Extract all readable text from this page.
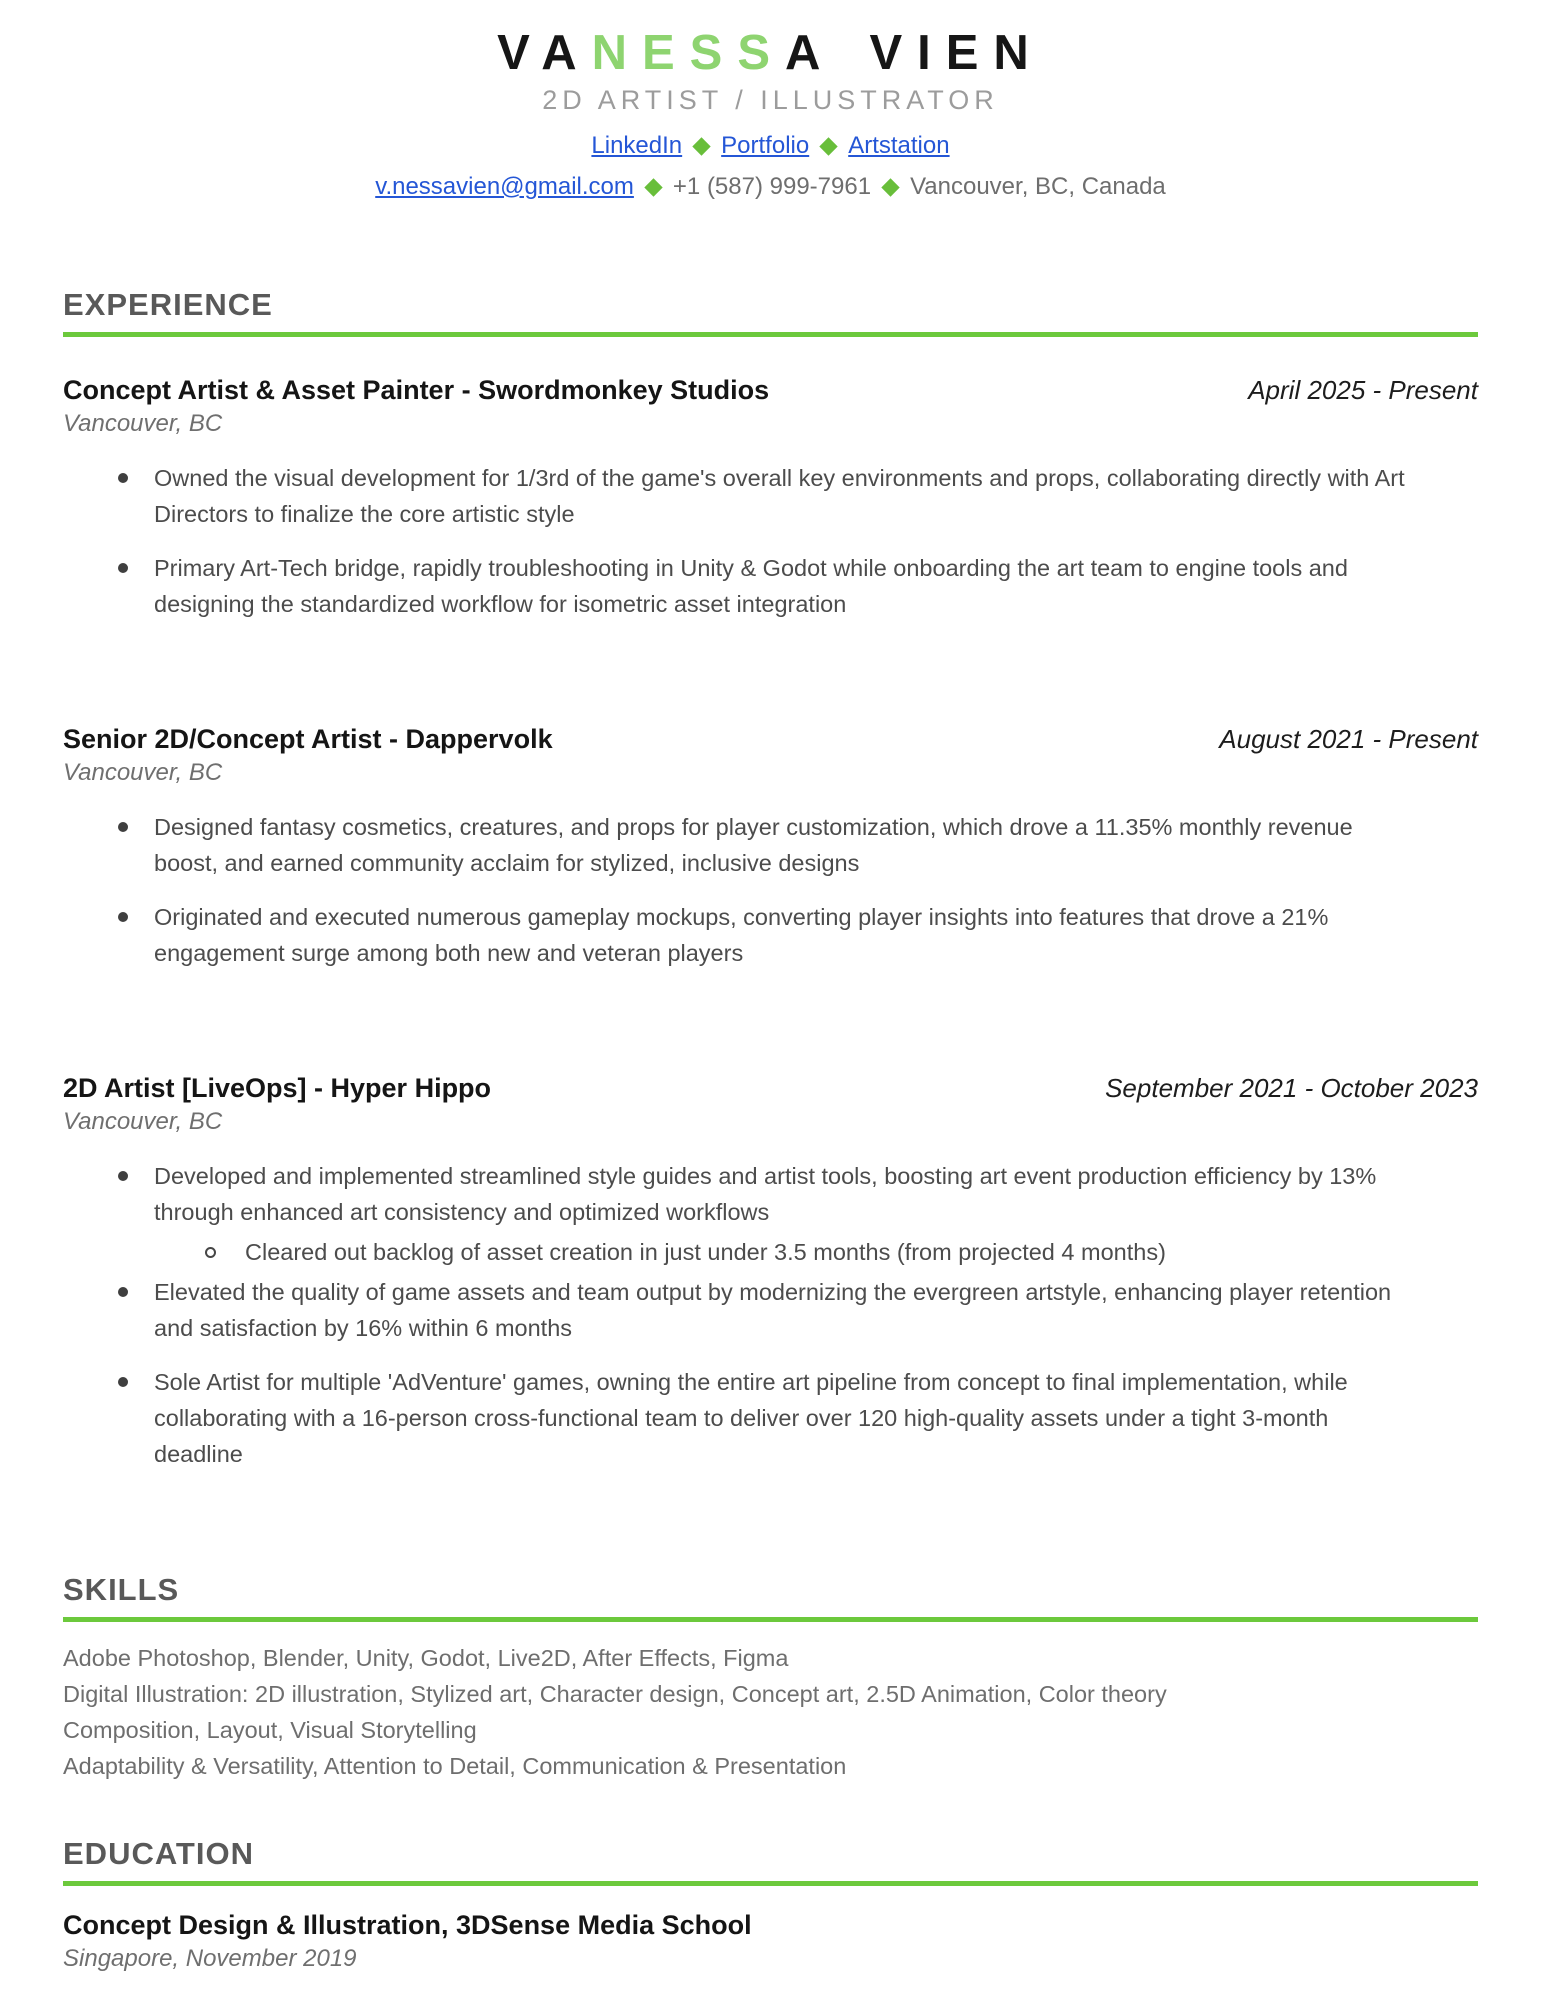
VANESSA VIEN
2D ARTIST / ILLUSTRATOR
LinkedIn Portfolio Artstation
v.nessavien@gmail.com +1 (587) 999-7961 Vancouver, BC, Canada
EXPERIENCE
Concept Artist & Asset Painter - Swordmonkey Studios	April 2025 - Present
Vancouver, BC
Owned the visual development for 1/3rd of the game's overall key environments and props, collaborating directly with Art Directors to finalize the core artistic style
Primary Art-Tech bridge, rapidly troubleshooting in Unity & Godot while onboarding the art team to engine tools and designing the standardized workflow for isometric asset integration
Senior 2D/Concept Artist - Dappervolk	August 2021 - Present
Vancouver, BC
Designed fantasy cosmetics, creatures, and props for player customization, which drove a 11.35% monthly revenue boost, and earned community acclaim for stylized, inclusive designs
Originated and executed numerous gameplay mockups, converting player insights into features that drove a 21% engagement surge among both new and veteran players
2D Artist [LiveOps] - Hyper Hippo	September 2021 - October 2023
Vancouver, BC
Developed and implemented streamlined style guides and artist tools, boosting art event production efficiency by 13% through enhanced art consistency and optimized workflows
Cleared out backlog of asset creation in just under 3.5 months (from projected 4 months)
Elevated the quality of game assets and team output by modernizing the evergreen artstyle, enhancing player retention and satisfaction by 16% within 6 months
Sole Artist for multiple 'AdVenture' games, owning the entire art pipeline from concept to final implementation, while collaborating with a 16-person cross-functional team to deliver over 120 high-quality assets under a tight 3-month deadline
SKILLS
Adobe Photoshop, Blender, Unity, Godot, Live2D, After Effects, Figma
Digital Illustration: 2D illustration, Stylized art, Character design, Concept art, 2.5D Animation, Color theory
Composition, Layout, Visual Storytelling
Adaptability & Versatility, Attention to Detail, Communication & Presentation
EDUCATION
Concept Design & Illustration, 3DSense Media School
Singapore, November 2019
